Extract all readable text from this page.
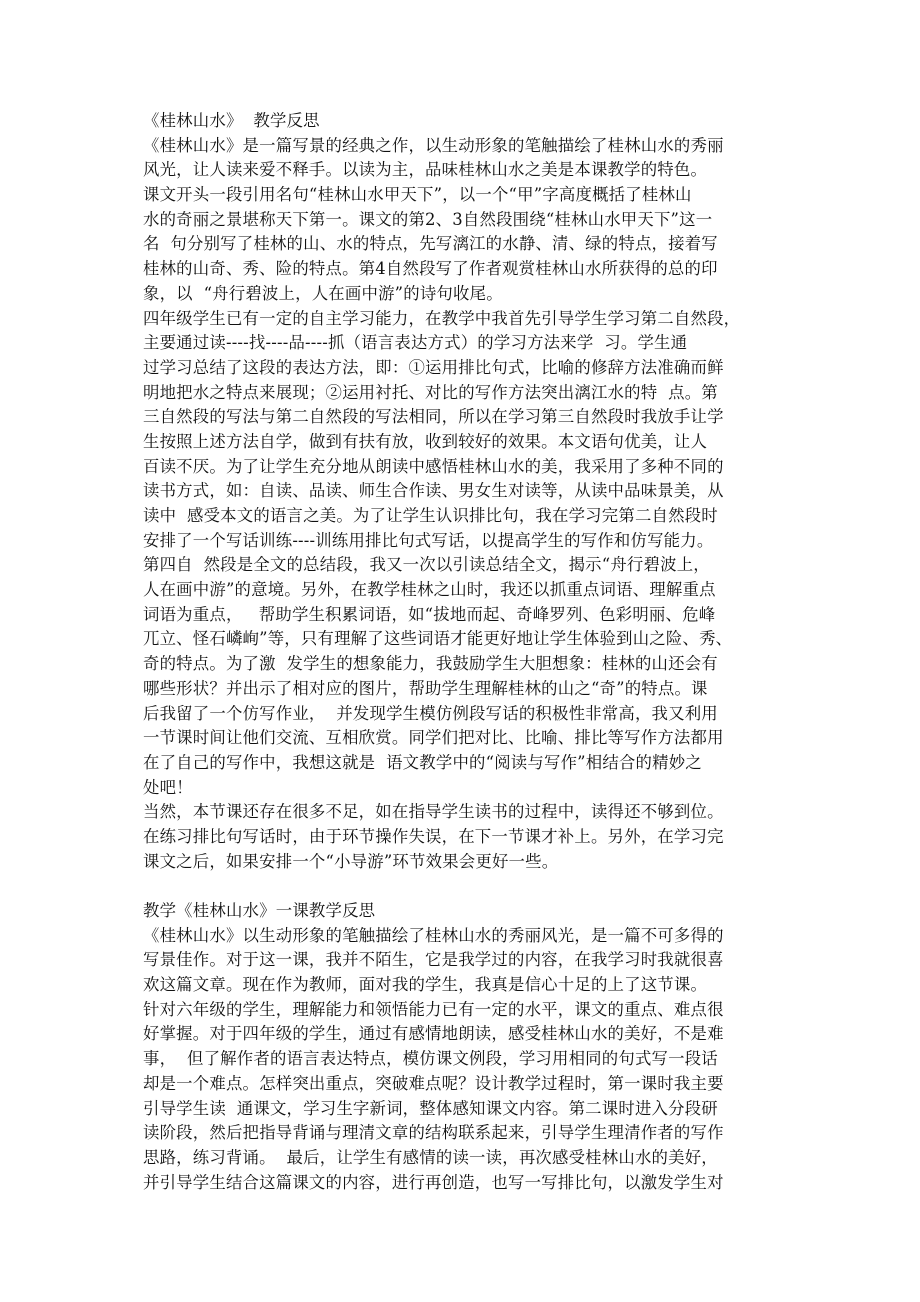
《桂林山水》  教学反思
《桂林山水》是一篇写景的经典之作，以生动形象的笔触描绘了桂林山水的秀丽
风光，让人读来爱不释手。以读为主，品味桂林山水之美是本课教学的特色。
课文开头一段引用名句“桂林山水甲天下”，以一个“甲”字高度概括了桂林山
水的奇丽之景堪称天下第一。课文的第2、3自然段围绕“桂林山水甲天下”这一
名  句分别写了桂林的山、水的特点，先写漓江的水静、清、绿的特点，接着写
桂林的山奇、秀、险的特点。第4自然段写了作者观赏桂林山水所获得的总的印
象，以  “舟行碧波上，人在画中游”的诗句收尾。
四年级学生已有一定的自主学习能力，在教学中我首先引导学生学习第二自然段，
主要通过读----找----品----抓（语言表达方式）的学习方法来学  习。学生通
过学习总结了这段的表达方法，即：①运用排比句式，比喻的修辞方法准确而鲜
明地把水之特点来展现；②运用衬托、对比的写作方法突出漓江水的特  点。第
三自然段的写法与第二自然段的写法相同，所以在学习第三自然段时我放手让学
生按照上述方法自学，做到有扶有放，收到较好的效果。本文语句优美，让人
百读不厌。为了让学生充分地从朗读中感悟桂林山水的美，我采用了多种不同的
读书方式，如：自读、品读、师生合作读、男女生对读等，从读中品味景美，从
读中  感受本文的语言之美。为了让学生认识排比句，我在学习完第二自然段时
安排了一个写话训练----训练用排比句式写话，以提高学生的写作和仿写能力。
第四自  然段是全文的总结段，我又一次以引读总结全文，揭示“舟行碧波上，
人在画中游”的意境。另外，在教学桂林之山时，我还以抓重点词语、理解重点
词语为重点，   帮助学生积累词语，如“拔地而起、奇峰罗列、色彩明丽、危峰
兀立、怪石嶙峋”等，只有理解了这些词语才能更好地让学生体验到山之险、秀、
奇的特点。为了激  发学生的想象能力，我鼓励学生大胆想象：桂林的山还会有
哪些形状？并出示了相对应的图片，帮助学生理解桂林的山之“奇”的特点。课
后我留了一个仿写作业，  并发现学生模仿例段写话的积极性非常高，我又利用
一节课时间让他们交流、互相欣赏。同学们把对比、比喻、排比等写作方法都用
在了自己的写作中，我想这就是  语文教学中的“阅读与写作”相结合的精妙之
处吧！
当然，本节课还存在很多不足，如在指导学生读书的过程中，读得还不够到位。
在练习排比句写话时，由于环节操作失误，在下一节课才补上。另外，在学习完
课文之后，如果安排一个“小导游”环节效果会更好一些。
教学《桂林山水》一课教学反思
《桂林山水》以生动形象的笔触描绘了桂林山水的秀丽风光，是一篇不可多得的
写景佳作。对于这一课，我并不陌生，它是我学过的内容，在我学习时我就很喜
欢这篇文章。现在作为教师，面对我的学生，我真是信心十足的上了这节课。
针对六年级的学生，理解能力和领悟能力已有一定的水平，课文的重点、难点很
好掌握。对于四年级的学生，通过有感情地朗读，感受桂林山水的美好，不是难
事，  但了解作者的语言表达特点，模仿课文例段，学习用相同的句式写一段话
却是一个难点。怎样突出重点，突破难点呢？设计教学过程时，第一课时我主要
引导学生读  通课文，学习生字新词，整体感知课文内容。第二课时进入分段研
读阶段，然后把指导背诵与理清文章的结构联系起来，引导学生理清作者的写作
思路，练习背诵。  最后，让学生有感情的读一读，再次感受桂林山水的美好，
并引导学生结合这篇课文的内容，进行再创造，也写一写排比句，以激发学生对
